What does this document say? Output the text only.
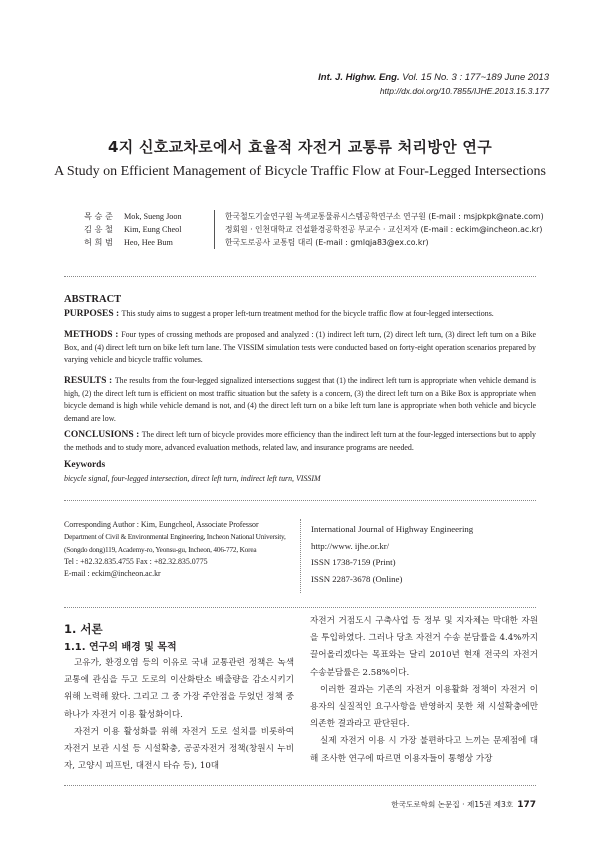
Int. J. Highw. Eng. Vol. 15 No. 3 : 177~189 June 2013
http://dx.doi.org/10.7855/IJHE.2013.15.3.177
4지 신호교차로에서 효율적 자전거 교통류 처리방안 연구
A Study on Efficient Management of Bicycle Traffic Flow at Four-Legged Intersections
목 승 준	Mok, Sueng Joon	한국철도기술연구원 녹색교통물류시스템공학연구소 연구원 (E-mail : msjpkpk@nate.com)
김 응 철	Kim, Eung Cheol	정회원 · 인천대학교 건설환경공학전공 부교수 · 교신저자 (E-mail : eckim@incheon.ac.kr)
허 희 범	Heo, Hee Bum	한국도로공사 교통팀 대리 (E-mail : gmlqja83@ex.co.kr)
ABSTRACT
PURPOSES : This study aims to suggest a proper left-turn treatment method for the bicycle traffic flow at four-legged intersections.
METHODS : Four types of crossing methods are proposed and analyzed : (1) indirect left turn, (2) direct left turn, (3) direct left turn on a Bike Box, and (4) direct left turn on bike left turn lane. The VISSIM simulation tests were conducted based on forty-eight operation scenarios prepared by varying vehicle and bicycle traffic volumes.
RESULTS : The results from the four-legged signalized intersections suggest that (1) the indirect left turn is appropriate when vehicle demand is high, (2) the direct left turn is efficient on most traffic situation but the safety is a concern, (3) the direct left turn on a Bike Box is appropriate when bicycle demand is high while vehicle demand is not, and (4) the direct left turn on a bike left turn lane is appropriate when both vehicle and bicycle demand are low.
CONCLUSIONS : The direct left turn of bicycle provides more efficiency than the indirect left turn at the four-legged intersections but to apply the methods and to study more, advanced evaluation methods, related law, and insurance programs are needed.
Keywords
bicycle signal, four-legged intersection, direct left turn, indirect left turn, VISSIM
Corresponding Author : Kim, Eungcheol, Associate Professor
Department of Civil & Environmental Engineering, Incheon National University,
(Songdo dong)119, Academy-ro, Yeonsu-gu, Incheon, 406-772, Korea
Tel : +82.32.835.4755 Fax : +82.32.835.0775
E-mail : eckim@incheon.ac.kr
International Journal of Highway Engineering
http://www. ijhe.or.kr/
ISSN 1738-7159 (Print)
ISSN 2287-3678 (Online)
1. 서론
1.1. 연구의 배경 및 목적

고유가, 환경오염 등의 이유로 국내 교통관련 정책은 녹색교통에 관심을 두고 도로의 이산화탄소 배출량을 감소시키기 위해 노력해 왔다. 그리고 그 중 가장 주안점을 두었던 정책 중 하나가 자전거 이용 활성화이다.

자전거 이용 활성화를 위해 자전거 도로 설치를 비롯하여 자전거 보관 시설 등 시설확충, 공공자전거 정책(창원시 누비자, 고양시 피프틴, 대전시 타슈 등), 10대

자전거 거점도시 구축사업 등 정부 및 지자체는 막대한 자원을 투입하였다. 그러나 당초 자전거 수송 분담률을 4.4%까지 끌어올리겠다는 목표와는 달리 2010년 현재 전국의 자전거 수송분담률은 2.58%이다.

이러한 결과는 기존의 자전거 이용활화 정책이 자전거 이용자의 실질적인 요구사항을 반영하지 못한 채 시설확충에만 의존한 결과라고 판단된다.

실제 자전거 이용 시 가장 불편하다고 느끼는 문제점에 대해 조사한 연구에 따르면 이용자들이 통행상 가장

한국도로학회 논문집 · 제15권 제3호 177
